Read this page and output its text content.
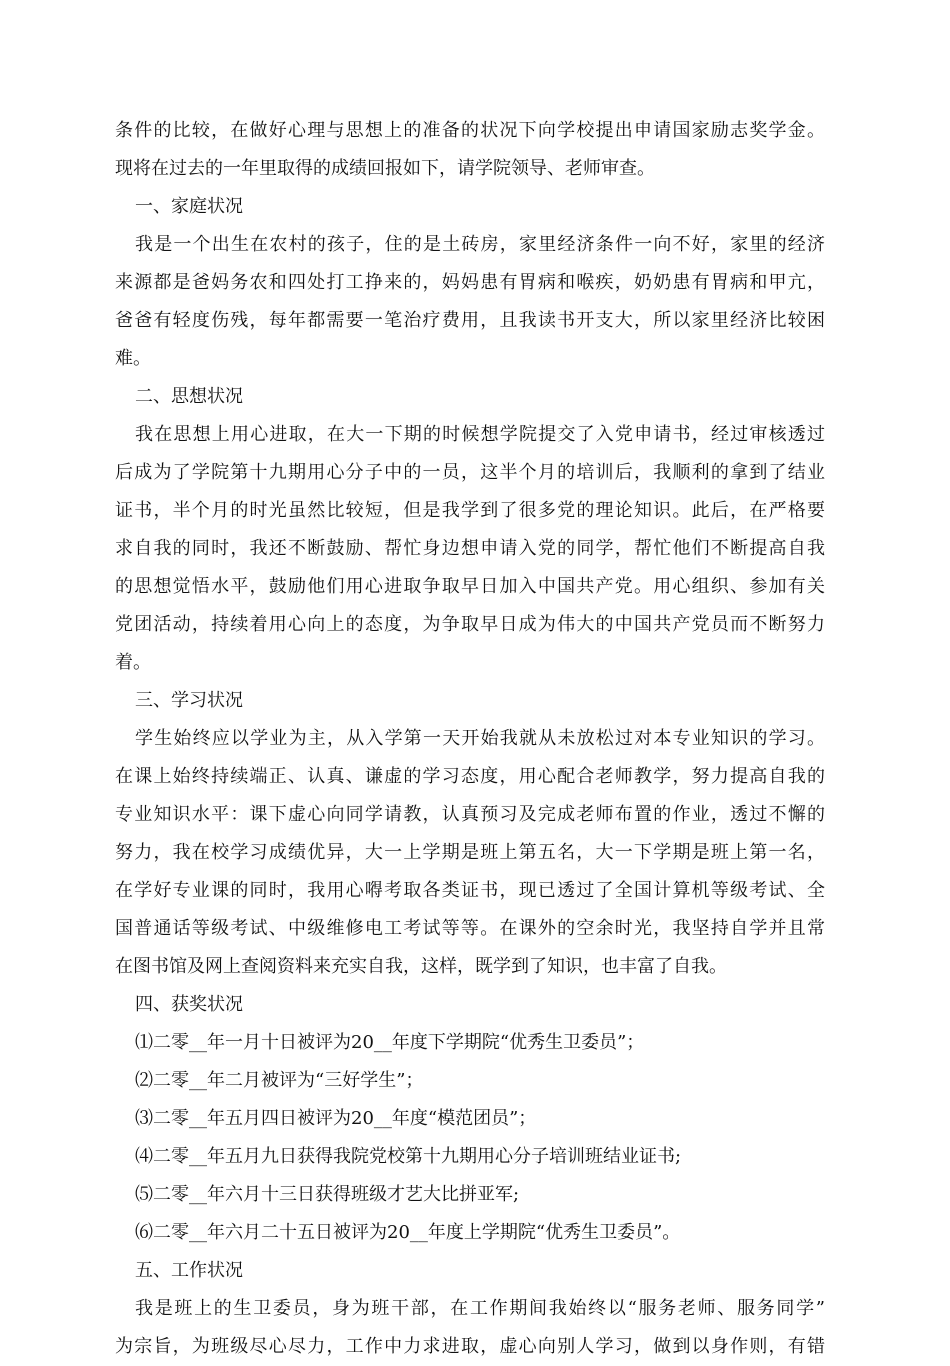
条件的比较，在做好心理与思想上的准备的状况下向学校提出申请国家励志奖学金。
现将在过去的一年里取得的成绩回报如下，请学院领导、老师审查。
一、家庭状况
我是一个出生在农村的孩子，住的是土砖房，家里经济条件一向不好，家里的经济
来源都是爸妈务农和四处打工挣来的，妈妈患有胃病和喉疾，奶奶患有胃病和甲亢，
爸爸有轻度伤残，每年都需要一笔治疗费用，且我读书开支大，所以家里经济比较困
难。
二、思想状况
我在思想上用心进取，在大一下期的时候想学院提交了入党申请书，经过审核透过
后成为了学院第十九期用心分子中的一员，这半个月的培训后，我顺利的拿到了结业
证书，半个月的时光虽然比较短，但是我学到了很多党的理论知识。此后，在严格要
求自我的同时，我还不断鼓励、帮忙身边想申请入党的同学，帮忙他们不断提高自我
的思想觉悟水平，鼓励他们用心进取争取早日加入中国共产党。用心组织、参加有关
党团活动，持续着用心向上的态度，为争取早日成为伟大的中国共产党员而不断努力
着。
三、学习状况
学生始终应以学业为主，从入学第一天开始我就从未放松过对本专业知识的学习。
在课上始终持续端正、认真、谦虚的学习态度，用心配合老师教学，努力提高自我的
专业知识水平：课下虚心向同学请教，认真预习及完成老师布置的作业，透过不懈的
努力，我在校学习成绩优异，大一上学期是班上第五名，大一下学期是班上第一名，
在学好专业课的同时，我用心嘚考取各类证书，现已透过了全国计算机等级考试、全
国普通话等级考试、中级维修电工考试等等。在课外的空余时光，我坚持自学并且常
在图书馆及网上查阅资料来充实自我，这样，既学到了知识，也丰富了自我。
四、获奖状况
⑴二零__年一月十日被评为20__年度下学期院“优秀生卫委员”；
⑵二零__年二月被评为“三好学生”；
⑶二零__年五月四日被评为20__年度“模范团员”；
⑷二零__年五月九日获得我院党校第十九期用心分子培训班结业证书;
⑸二零__年六月十三日获得班级才艺大比拼亚军;
⑹二零__年六月二十五日被评为20__年度上学期院“优秀生卫委员”。
五、工作状况
我是班上的生卫委员，身为班干部，在工作期间我始终以“服务老师、服务同学”
为宗旨，为班级尽心尽力，工作中力求进取，虚心向别人学习，做到以身作则，有错
